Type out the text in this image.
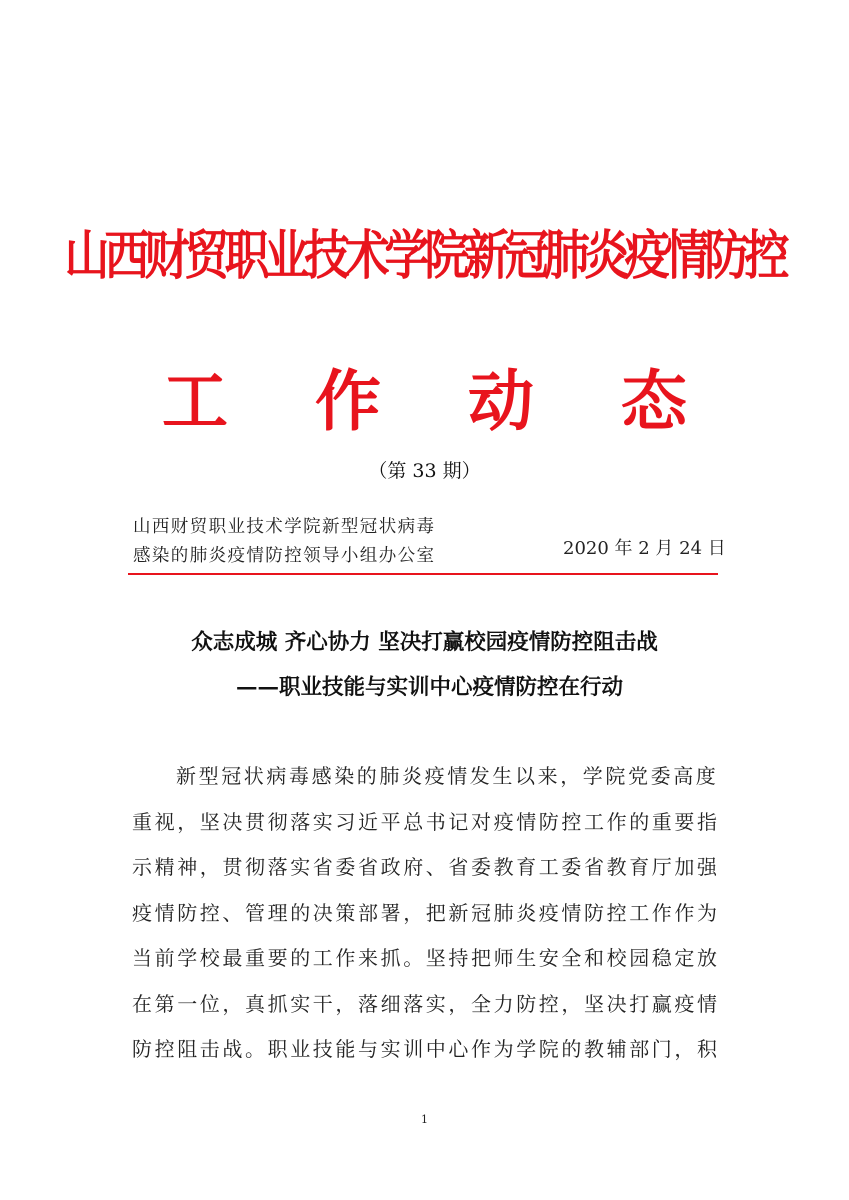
山西财贸职业技术学院新冠肺炎疫情防控
工 作 动 态
（第 33 期）
山西财贸职业技术学院新型冠状病毒
感染的肺炎疫情防控领导小组办公室	2020 年 2 月 24 日
众志成城 齐心协力 坚决打赢校园疫情防控阻击战
——职业技能与实训中心疫情防控在行动
新型冠状病毒感染的肺炎疫情发生以来，学院党委高度
重视，坚决贯彻落实习近平总书记对疫情防控工作的重要指
示精神，贯彻落实省委省政府、省委教育工委省教育厅加强
疫情防控、管理的决策部署，把新冠肺炎疫情防控工作作为
当前学校最重要的工作来抓。坚持把师生安全和校园稳定放
在第一位，真抓实干，落细落实，全力防控，坚决打赢疫情
防控阻击战。职业技能与实训中心作为学院的教辅部门，积
1
